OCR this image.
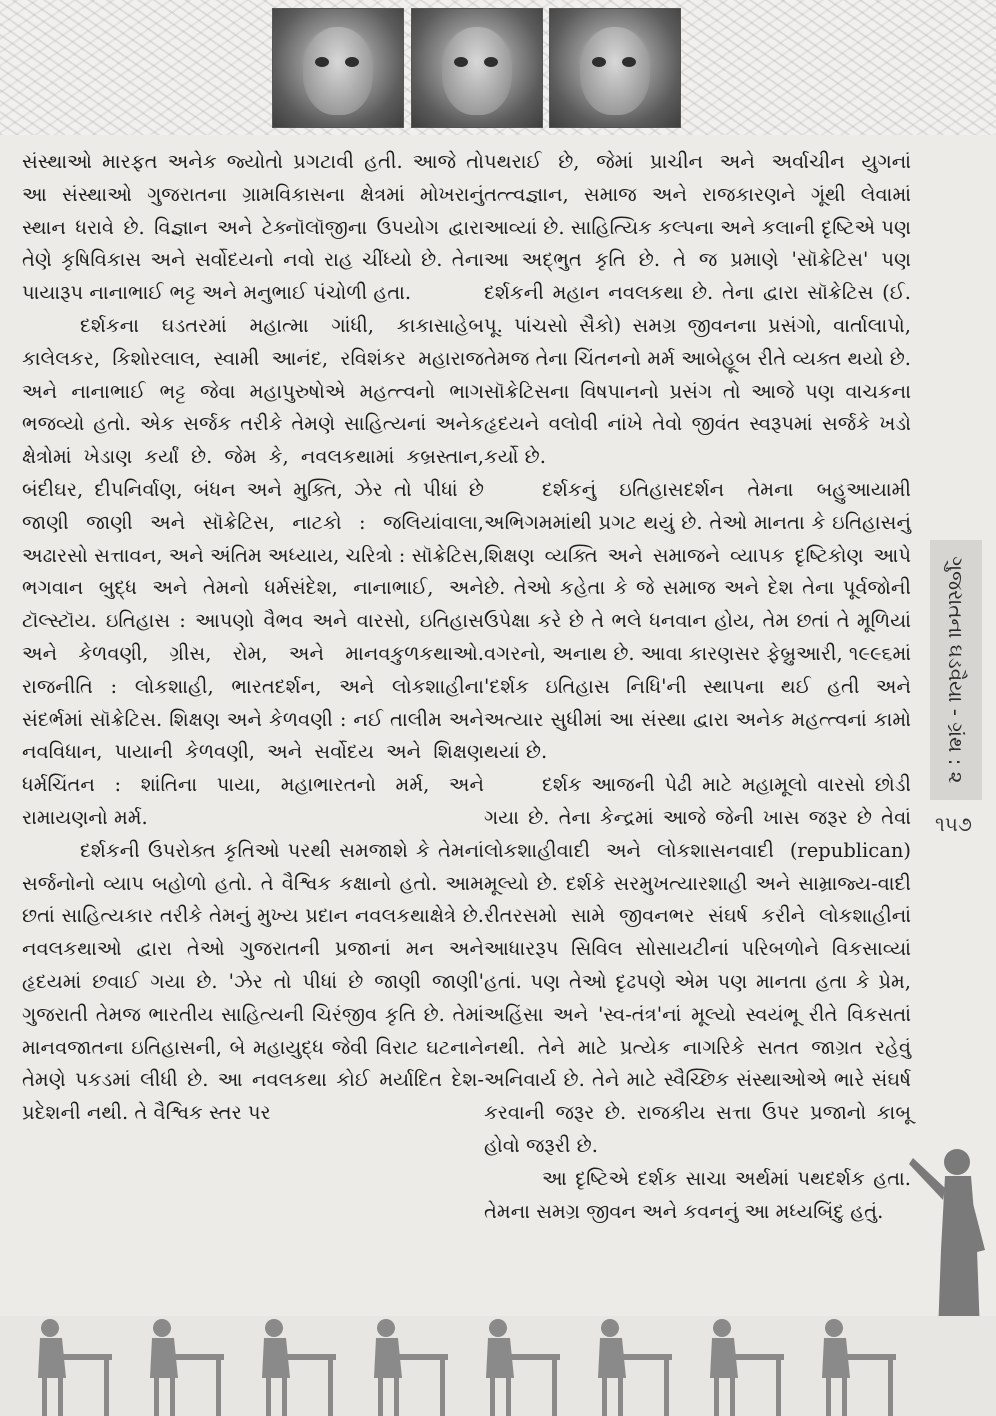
સંસ્થાઓ મારફત અનેક જ્યોતો પ્રગટાવી હતી. આજે તો આ સંસ્થાઓ ગુજરાતના ગ્રામવિકાસના ક્ષેત્રમાં મોખરાનું સ્થાન ધરાવે છે. વિજ્ઞાન અને ટેક્નૉલૉજીના ઉપયોગ દ્વારા તેણે કૃષિવિકાસ અને સર્વોદયનો નવો રાહ ચીંધ્યો છે. તેના પાયારૂપ નાનાભાઈ ભટ્ટ અને મનુભાઈ પંચોળી હતા.

દર્શકના ઘડતરમાં મહાત્મા ગાંધી, કાકાસાહેબ કાલેલકર, કિશોરલાલ, સ્વામી આનંદ, રવિશંકર મહારાજ અને નાનાભાઈ ભટ્ટ જેવા મહાપુરુષોએ મહત્ત્વનો ભાગ ભજવ્યો હતો. એક સર્જક તરીકે તેમણે સાહિત્યનાં અનેક ક્ષેત્રોમાં ખેડાણ કર્યાં છે. જેમ કે, નવલકથામાં કબ્રસ્તાન, બંદીઘર, દીપનિર્વાણ, બંધન અને મુક્તિ, ઝેર તો પીધાં છે જાણી જાણી અને સૉક્રેટિસ, નાટકો : જલિયાંવાલા, અઢારસો સત્તાવન, અને અંતિમ અધ્યાય, ચરિત્રો : સૉક્રેટિસ, ભગવાન બુદ્ધ અને તેમનો ધર્મસંદેશ, નાનાભાઈ, અને ટૉલ્સ્ટૉય. ઇતિહાસ : આપણો વૈભવ અને વારસો, ઇતિહાસ અને કેળવણી, ગ્રીસ, રોમ, અને માનવકુળકથાઓ. રાજનીતિ : લોકશાહી, ભારતદર્શન, અને લોકશાહીના સંદર્ભમાં સૉક્રેટિસ. શિક્ષણ અને કેળવણી : નઈ તાલીમ અને નવવિધાન, પાયાની કેળવણી, અને સર્વોદય અને શિક્ષણ ધર્મચિંતન : શાંતિના પાયા, મહાભારતનો મર્મ, અને રામાયણનો મર્મ.

દર્શકની ઉપરોક્ત કૃતિઓ પરથી સમજાશે કે તેમનાં સર્જનોનો વ્યાપ બહોળો હતો. તે વૈશ્વિક કક્ષાનો હતો. આમ છતાં સાહિત્યકાર તરીકે તેમનું મુખ્ય પ્રદાન નવલકથાક્ષેત્રે છે. નવલકથાઓ દ્વારા તેઓ ગુજરાતની પ્રજાનાં મન અને હૃદયમાં છવાઈ ગયા છે. 'ઝેર તો પીધાં છે જાણી જાણી' ગુજરાતી તેમજ ભારતીય સાહિત્યની ચિરંજીવ કૃતિ છે. તેમાં માનવજાતના ઇતિહાસની, બે મહાયુદ્ધ જેવી વિરાટ ઘટનાને તેમણે પકડમાં લીધી છે. આ નવલકથા કોઈ મર્યાદિત દેશ-પ્રદેશની નથી. તે વૈશ્વિક સ્તર પર

પથરાઈ છે, જેમાં પ્રાચીન અને અર્વાચીન યુગનાં તત્ત્વજ્ઞાન, સમાજ અને રાજકારણને ગૂંથી લેવામાં આવ્યાં છે. સાહિત્યિક કલ્પના અને કલાની દૃષ્ટિએ પણ આ અદ્ભુત કૃતિ છે. તે જ પ્રમાણે 'સૉક્રેટિસ' પણ દર્શકની મહાન નવલકથા છે. તેના દ્વારા સૉક્રેટિસ (ઈ. પૂ. પાંચસો સૈકો) સમગ્ર જીવનના પ્રસંગો, વાર્તાલાપો, તેમજ તેના ચિંતનનો મર્મ આબેહૂબ રીતે વ્યક્ત થયો છે. સૉક્રેટિસના વિષપાનનો પ્રસંગ તો આજે પણ વાચકના હૃદયને વલોવી નાંખે તેવો જીવંત સ્વરૂપમાં સર્જકે ખડો કર્યો છે.

દર્શકનું ઇતિહાસદર્શન તેમના બહુઆયામી અભિગમમાંથી પ્રગટ થયું છે. તેઓ માનતા કે ઇતિહાસનું શિક્ષણ વ્યક્તિ અને સમાજને વ્યાપક દૃષ્ટિકોણ આપે છે. તેઓ કહેતા કે જે સમાજ અને દેશ તેના પૂર્વજોની ઉપેક્ષા કરે છે તે ભલે ધનવાન હોય, તેમ છતાં તે મૂળિયાં વગરનો, અનાથ છે. આવા કારણસર ફેબ્રુઆરી, ૧૯૯૬માં 'દર્શક ઇતિહાસ નિધિ'ની સ્થાપના થઈ હતી અને અત્યાર સુધીમાં આ સંસ્થા દ્વારા અનેક મહત્ત્વનાં કામો થયાં છે.

દર્શક આજની પેઢી માટે મહામૂલો વારસો છોડી ગયા છે. તેના કેન્દ્રમાં આજે જેની ખાસ જરૂર છે તેવાં લોકશાહીવાદી અને લોકશાસનવાદી (republican) મૂલ્યો છે. દર્શકે સરમુખત્યારશાહી અને સામ્રાજ્ય-વાદી રીતરસમો સામે જીવનભર સંઘર્ષ કરીને લોકશાહીનાં આધારરૂપ સિવિલ સોસાયટીનાં પરિબળોને વિકસાવ્યાં હતાં. પણ તેઓ દૃઢપણે એમ પણ માનતા હતા કે પ્રેમ, અહિંસા અને 'સ્વ-તંત્ર'નાં મૂલ્યો સ્વયંભૂ રીતે વિકસતાં નથી. તેને માટે પ્રત્યેક નાગરિકે સતત જાગ્રત રહેવું અનિવાર્ય છે. તેને માટે સ્વૈચ્છિક સંસ્થાઓએ ભારે સંઘર્ષ કરવાની જરૂર છે. રાજકીય સત્તા ઉપર પ્રજાનો કાબૂ હોવો જરૂરી છે.

આ દૃષ્ટિએ દર્શક સાચા અર્થમાં પથદર્શક હતા. તેમના સમગ્ર જીવન અને કવનનું આ મધ્યબિંદુ હતું.

ગુજરાતના ઘડવૈયા - ગ્રંથ : ૨
૧૫૭
